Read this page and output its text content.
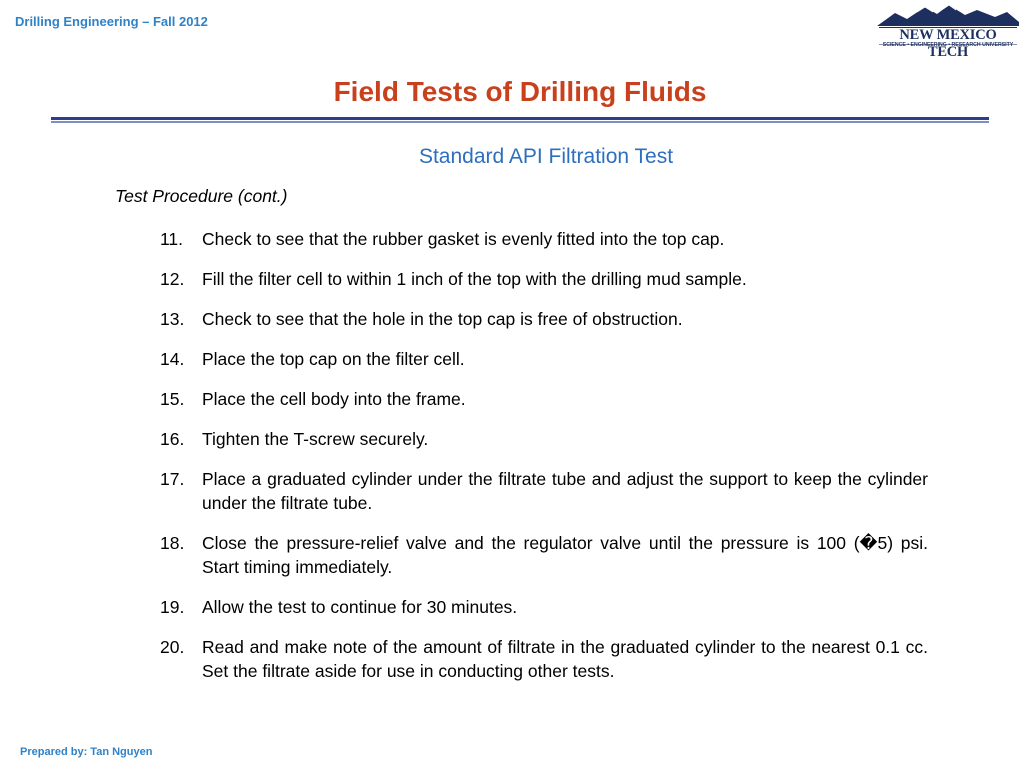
Drilling Engineering – Fall 2012
NEW MEXICO TECH
SCIENCE • ENGINEERING • RESEARCH UNIVERSITY
Field Tests of Drilling Fluids
Standard API Filtration Test
Test Procedure (cont.)
11.	Check to see that the rubber gasket is evenly fitted into the top cap.
12.	Fill the filter cell to within 1 inch of the top with the drilling mud sample.
13.	Check to see that the hole in the top cap is free of obstruction.
14.	Place the top cap on the filter cell.
15.	Place the cell body into the frame.
16.	Tighten the T-screw securely.
17.	Place a graduated cylinder under the filtrate tube and adjust the support to keep the cylinder under the filtrate tube.
18.	Close the pressure-relief valve and the regulator valve until the pressure is 100 (�5) psi. Start timing immediately.
19.	Allow the test to continue for 30 minutes.
20.	Read and make note of the amount of filtrate in the graduated cylinder to the nearest 0.1 cc. Set the filtrate aside for use in conducting other tests.
Prepared by: Tan Nguyen
